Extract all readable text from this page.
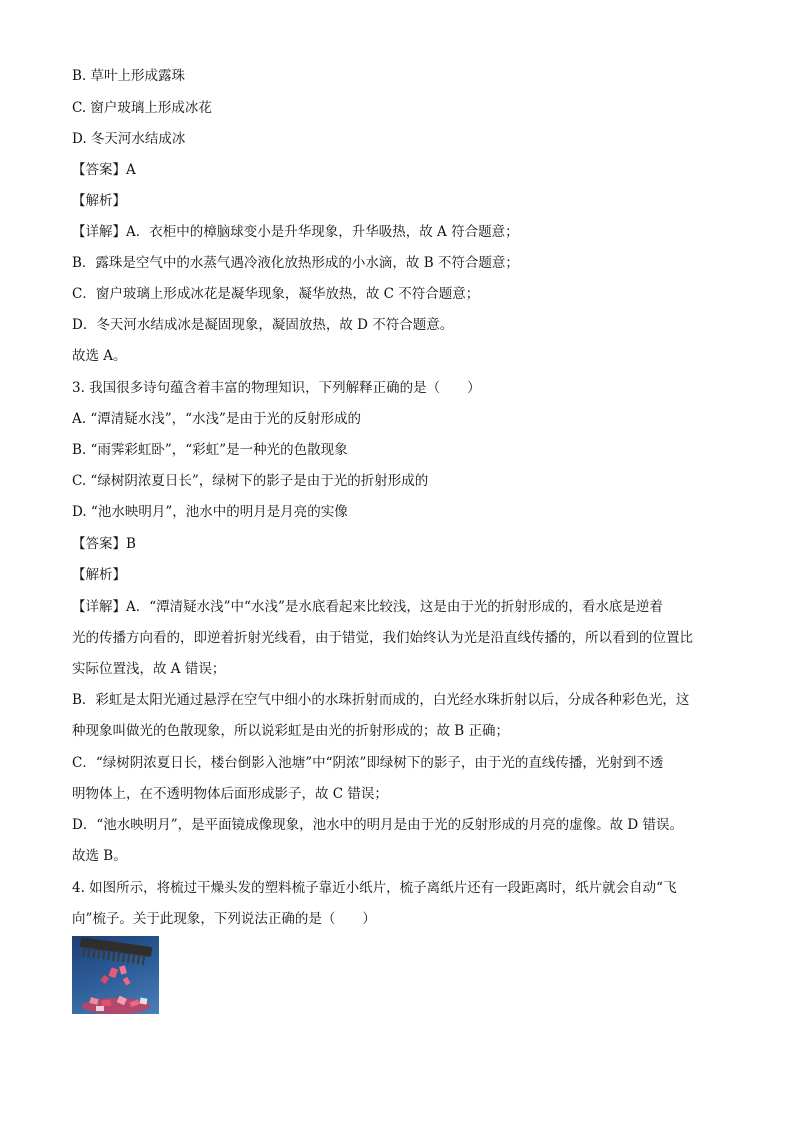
B. 草叶上形成露珠
C. 窗户玻璃上形成冰花
D. 冬天河水结成冰
【答案】A
【解析】
【详解】A．衣柜中的樟脑球变小是升华现象，升华吸热，故 A 符合题意；
B．露珠是空气中的水蒸气遇冷液化放热形成的小水滴，故 B 不符合题意；
C．窗户玻璃上形成冰花是凝华现象，凝华放热，故 C 不符合题意；
D．冬天河水结成冰是凝固现象，凝固放热，故 D 不符合题意。
故选 A。
3. 我国很多诗句蕴含着丰富的物理知识，下列解释正确的是（　　）
A. “潭清疑水浅”，“水浅”是由于光的反射形成的
B. “雨霁彩虹卧”，“彩虹”是一种光的色散现象
C. “绿树阴浓夏日长”，绿树下的影子是由于光的折射形成的
D. “池水映明月”，池水中的明月是月亮的实像
【答案】B
【解析】
【详解】A．“潭清疑水浅”中“水浅”是水底看起来比较浅，这是由于光的折射形成的，看水底是逆着
光的传播方向看的，即逆着折射光线看，由于错觉，我们始终认为光是沿直线传播的，所以看到的位置比
实际位置浅，故 A 错误；
B．彩虹是太阳光通过悬浮在空气中细小的水珠折射而成的，白光经水珠折射以后，分成各种彩色光，这
种现象叫做光的色散现象，所以说彩虹是由光的折射形成的；故 B 正确；
C．“绿树阴浓夏日长，楼台倒影入池塘”中“阴浓”即绿树下的影子，由于光的直线传播，光射到不透
明物体上，在不透明物体后面形成影子，故 C 错误；
D．“池水映明月”，是平面镜成像现象，池水中的明月是由于光的反射形成的月亮的虚像。故 D 错误。
故选 B。
4. 如图所示，将梳过干燥头发的塑料梳子靠近小纸片，梳子离纸片还有一段距离时，纸片就会自动“飞
向”梳子。关于此现象，下列说法正确的是（　　）
